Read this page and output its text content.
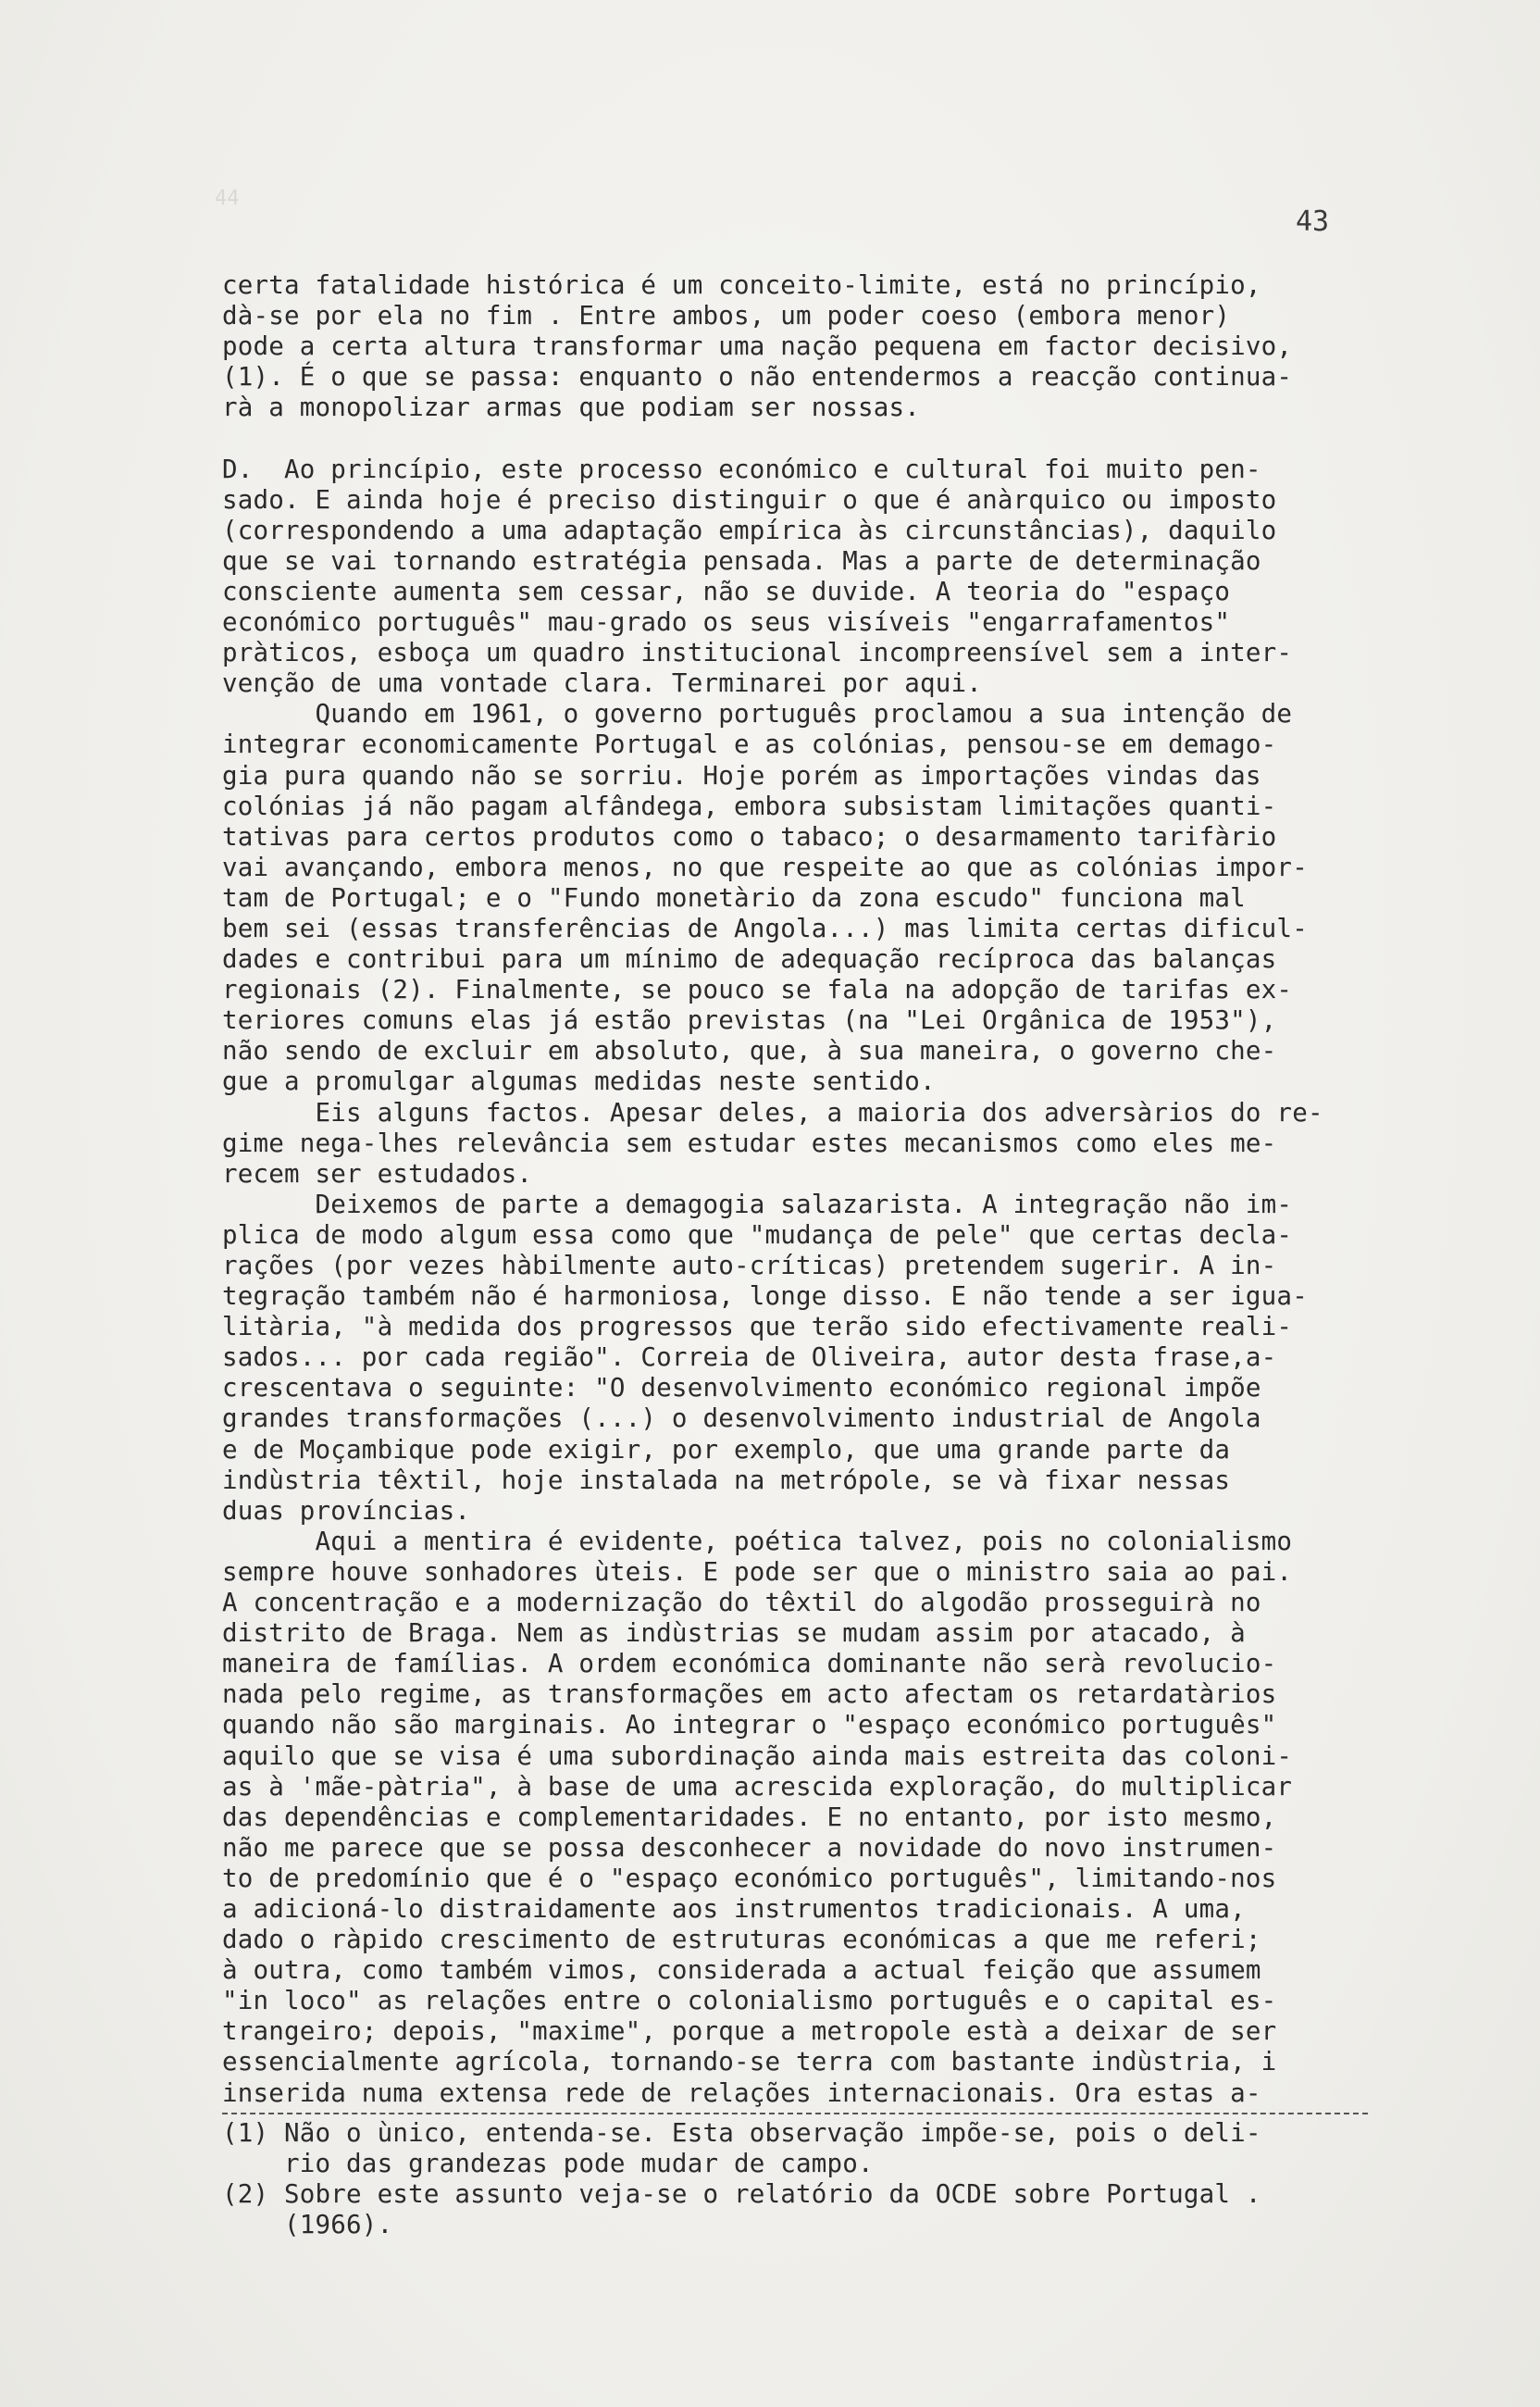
44
43
certa fatalidade histórica é um conceito-limite, está no princípio,
dà-se por ela no fim . Entre ambos, um poder coeso (embora menor)
pode a certa altura transformar uma nação pequena em factor decisivo,
(1). É o que se passa: enquanto o não entendermos a reacção continua-
rà a monopolizar armas que podiam ser nossas.
D.  Ao princípio, este processo económico e cultural foi muito pen-
sado. E ainda hoje é preciso distinguir o que é anàrquico ou imposto
(correspondendo a uma adaptação empírica às circunstâncias), daquilo
que se vai tornando estratégia pensada. Mas a parte de determinação
consciente aumenta sem cessar, não se duvide. A teoria do "espaço
económico português" mau-grado os seus visíveis "engarrafamentos"
pràticos, esboça um quadro institucional incompreensível sem a inter-
venção de uma vontade clara. Terminarei por aqui.
Quando em 1961, o governo português proclamou a sua intenção de
integrar economicamente Portugal e as colónias, pensou-se em demago-
gia pura quando não se sorriu. Hoje porém as importações vindas das
colónias já não pagam alfândega, embora subsistam limitações quanti-
tativas para certos produtos como o tabaco; o desarmamento tarifàrio
vai avançando, embora menos, no que respeite ao que as colónias impor-
tam de Portugal; e o "Fundo monetàrio da zona escudo" funciona mal
bem sei (essas transferências de Angola...) mas limita certas dificul-
dades e contribui para um mínimo de adequação recíproca das balanças
regionais (2). Finalmente, se pouco se fala na adopção de tarifas ex-
teriores comuns elas já estão previstas (na "Lei Orgânica de 1953"),
não sendo de excluir em absoluto, que, à sua maneira, o governo che-
gue a promulgar algumas medidas neste sentido.
Eis alguns factos. Apesar deles, a maioria dos adversàrios do re-
gime nega-lhes relevância sem estudar estes mecanismos como eles me-
recem ser estudados.
Deixemos de parte a demagogia salazarista. A integração não im-
plica de modo algum essa como que "mudança de pele" que certas decla-
rações (por vezes hàbilmente auto-críticas) pretendem sugerir. A in-
tegração também não é harmoniosa, longe disso. E não tende a ser igua-
litària, "à medida dos progressos que terão sido efectivamente reali-
sados... por cada região". Correia de Oliveira, autor desta frase,a-
crescentava o seguinte: "O desenvolvimento económico regional impõe
grandes transformações (...) o desenvolvimento industrial de Angola
e de Moçambique pode exigir, por exemplo, que uma grande parte da
indùstria têxtil, hoje instalada na metrópole, se và fixar nessas
duas províncias.
Aqui a mentira é evidente, poética talvez, pois no colonialismo
sempre houve sonhadores ùteis. E pode ser que o ministro saia ao pai.
A concentração e a modernização do têxtil do algodão prosseguirà no
distrito de Braga. Nem as indùstrias se mudam assim por atacado, à
maneira de famílias. A ordem económica dominante não serà revolucio-
nada pelo regime, as transformações em acto afectam os retardatàrios
quando não são marginais. Ao integrar o "espaço económico português"
aquilo que se visa é uma subordinação ainda mais estreita das coloni-
as à 'mãe-pàtria", à base de uma acrescida exploração, do multiplicar
das dependências e complementaridades. E no entanto, por isto mesmo,
não me parece que se possa desconhecer a novidade do novo instrumen-
to de predomínio que é o "espaço económico português", limitando-nos
a adicioná-lo distraidamente aos instrumentos tradicionais. A uma,
dado o ràpido crescimento de estruturas económicas a que me referi;
à outra, como também vimos, considerada a actual feição que assumem
"in loco" as relações entre o colonialismo português e o capital es-
trangeiro; depois, "maxime", porque a metropole està a deixar de ser
essencialmente agrícola, tornando-se terra com bastante indùstria, i
inserida numa extensa rede de relações internacionais. Ora estas a-
(1) Não o ùnico, entenda-se. Esta observação impõe-se, pois o deli-
rio das grandezas pode mudar de campo.
(2) Sobre este assunto veja-se o relatório da OCDE sobre Portugal .
(1966).
